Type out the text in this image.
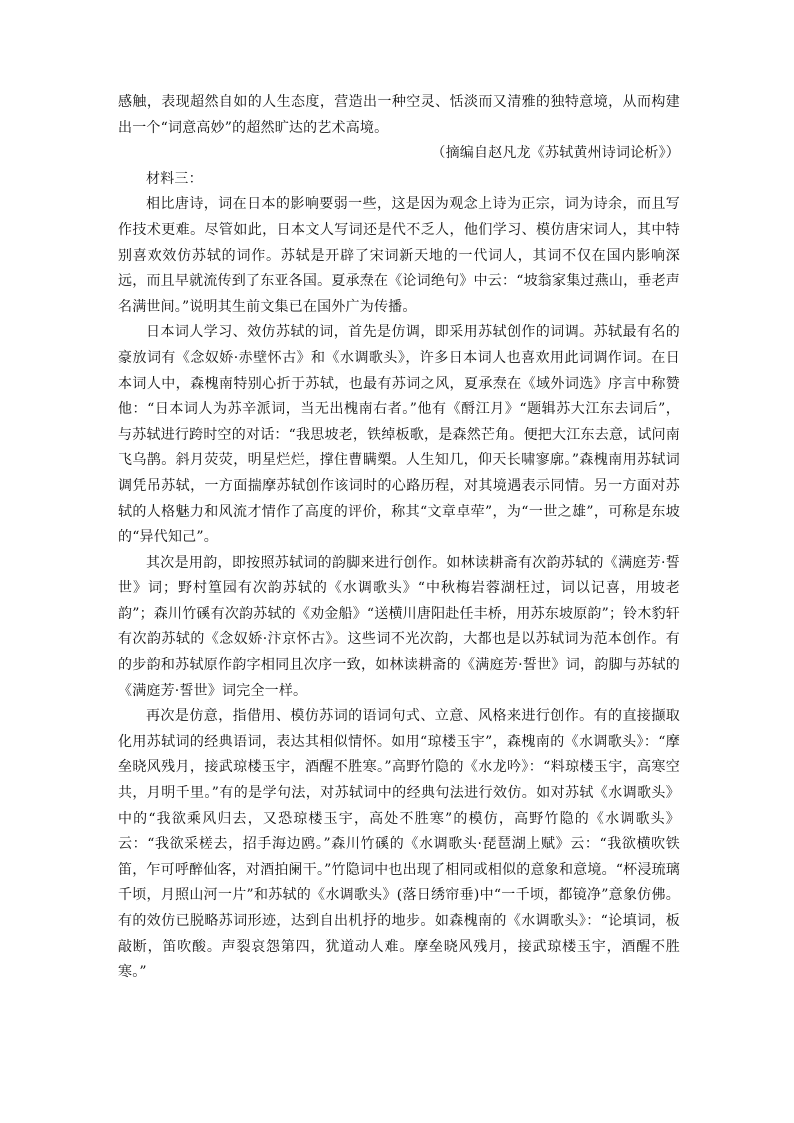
感触，表现超然自如的人生态度，营造出一种空灵、恬淡而又清雅的独特意境，从而构建出一个“词意高妙”的超然旷达的艺术高境。

（摘编自赵凡龙《苏轼黄州诗词论析》）

材料三：

相比唐诗，词在日本的影响要弱一些，这是因为观念上诗为正宗，词为诗余，而且写作技术更难。尽管如此，日本文人写词还是代不乏人，他们学习、模仿唐宋词人，其中特别喜欢效仿苏轼的词作。苏轼是开辟了宋词新天地的一代词人，其词不仅在国内影响深远，而且早就流传到了东亚各国。夏承焘在《论词绝句》中云：“坡翁家集过燕山，垂老声名满世间。”说明其生前文集已在国外广为传播。

日本词人学习、效仿苏轼的词，首先是仿调，即采用苏轼创作的词调。苏轼最有名的豪放词有《念奴娇·赤壁怀古》和《水调歌头》，许多日本词人也喜欢用此词调作词。在日本词人中，森槐南特别心折于苏轼，也最有苏词之风，夏承焘在《域外词选》序言中称赞他：“日本词人为苏辛派词，当无出槐南右者。”他有《酹江月》“题辑苏大江东去词后”，与苏轼进行跨时空的对话：“我思坡老，铁绰板歌，是森然芒角。便把大江东去意，试问南飞乌鹊。斜月荧荧，明星烂烂，撑住曹瞒槊。人生知几，仰天长啸寥廓。”森槐南用苏轼词调凭吊苏轼，一方面揣摩苏轼创作该词时的心路历程，对其境遇表示同情。另一方面对苏轼的人格魅力和风流才情作了高度的评价，称其“文章卓荦”，为“一世之雄”，可称是东坡的“异代知己”。

其次是用韵，即按照苏轼词的韵脚来进行创作。如林读耕斋有次韵苏轼的《满庭芳·誓世》词；野村篁园有次韵苏轼的《水调歌头》“中秋梅岩蓉湖枉过，词以记喜，用坡老韵”；森川竹磎有次韵苏轼的《劝金船》“送横川唐阳赴任丰桥，用苏东坡原韵”；铃木豹轩有次韵苏轼的《念奴娇·汴京怀古》。这些词不光次韵，大都也是以苏轼词为范本创作。有的步韵和苏轼原作韵字相同且次序一致，如林读耕斋的《满庭芳·誓世》词，韵脚与苏轼的《满庭芳·誓世》词完全一样。

再次是仿意，指借用、模仿苏词的语词句式、立意、风格来进行创作。有的直接撷取化用苏轼词的经典语词，表达其相似情怀。如用“琼楼玉宇”，森槐南的《水调歌头》：“摩垒晓风残月，接武琼楼玉宇，酒醒不胜寒。”高野竹隐的《水龙吟》：“料琼楼玉宇，高寒空共，月明千里。”有的是学句法，对苏轼词中的经典句法进行效仿。如对苏轼《水调歌头》中的“我欲乘风归去，又恐琼楼玉宇，高处不胜寒”的模仿，高野竹隐的《水调歌头》云：“我欲采槎去，招手海边鸥。”森川竹磎的《水调歌头·琵琶湖上赋》云：“我欲横吹铁笛，乍可呼醉仙客，对酒拍阑干。”竹隐词中也出现了相同或相似的意象和意境。“杯浸琉璃千顷，月照山河一片”和苏轼的《水调歌头》(落日绣帘垂)中“一千顷，都镜净”意象仿佛。有的效仿已脱略苏词形迹，达到自出机抒的地步。如森槐南的《水调歌头》：“论填词，板敲断，笛吹酸。声裂哀怨第四，犹道动人难。摩垒晓风残月，接武琼楼玉宇，酒醒不胜寒。”
